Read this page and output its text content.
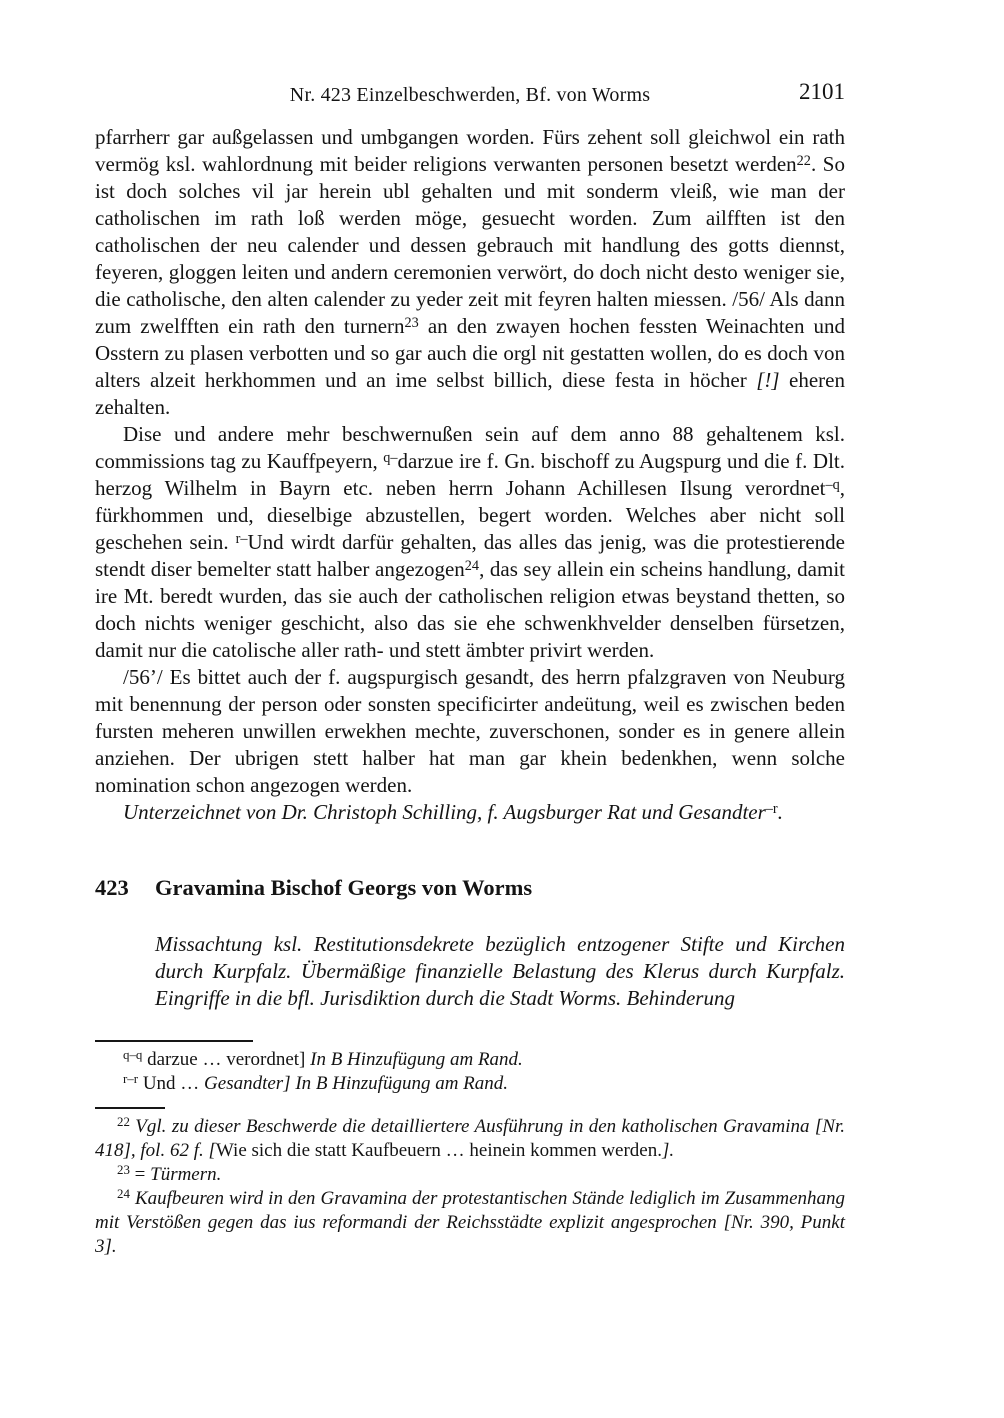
Nr. 423 Einzelbeschwerden, Bf. von Worms	2101

pfarrherr gar außgelassen und umbgangen worden. Fürs zehent soll gleichwol ein rath vermög ksl. wahlordnung mit beider religions verwanten personen besetzt werden$^{22}$. So ist doch solches vil jar herein ubl gehalten und mit sonderm vleiß, wie man der catholischen im rath loß werden möge, gesuecht worden. Zum ailfften ist den catholischen der neu calender und dessen gebrauch mit handlung des gotts diennst, feyeren, gloggen leiten und andern ceremonien verwört, do doch nicht desto weniger sie, die catholische, den alten calender zu yeder zeit mit feyren halten miessen. /56/ Als dann zum zwelfften ein rath den turnern$^{23}$ an den zwayen hochen fessten Weinachten und Osstern zu plasen verbotten und so gar auch die orgl nit gestatten wollen, do es doch von alters alzeit herkhommen und an ime selbst billich, diese festa in höcher [!] eheren zehalten.

Dise und andere mehr beschwernußen sein auf dem anno 88 gehaltenem ksl. commissions tag zu Kauffpeyern, $^{q-}$darzue ire f. Gn. bischoff zu Augspurg und die f. Dlt. herzog Wilhelm in Bayrn etc. neben herrn Johann Achillesen Ilsung verordnet$^{-q}$, fürkhommen und, dieselbige abzustellen, begert worden. Welches aber nicht soll geschehen sein. $^{r-}$Und wirdt darfür gehalten, das alles das jenig, was die protestierende stendt diser bemelter statt halber angezogen$^{24}$, das sey allein ein scheins handlung, damit ire Mt. beredt wurden, das sie auch der catholischen religion etwas beystand thetten, so doch nichts weniger geschicht, also das sie ehe schwenkhvelder denselben fürsetzen, damit nur die catolische aller rath- und stett ämbter privirt werden.

/56’/ Es bittet auch der f. augspurgisch gesandt, des herrn pfalzgraven von Neuburg mit benennung der person oder sonsten specificirter andeütung, weil es zwischen beden fursten meheren unwillen erwekhen mechte, zuverschonen, sonder es in genere allein anziehen. Der ubrigen stett halber hat man gar khein bedenkhen, wenn solche nomination schon angezogen werden.

Unterzeichnet von Dr. Christoph Schilling, f. Augsburger Rat und Gesandter$^{-r}$.

423	Gravamina Bischof Georgs von Worms

Missachtung ksl. Restitutionsdekrete bezüglich entzogener Stifte und Kirchen durch Kurpfalz. Übermäßige finanzielle Belastung des Klerus durch Kurpfalz. Eingriffe in die bfl. Jurisdiktion durch die Stadt Worms. Behinderung

$^{q-q}$ darzue … verordnet] In B Hinzufügung am Rand.

$^{r-r}$ Und … Gesandter] In B Hinzufügung am Rand.

$^{22}$ Vgl. zu dieser Beschwerde die detailliertere Ausführung in den katholischen Gravamina [Nr. 418], fol. 62 f. [Wie sich die statt Kaufbeuern … heinein kommen werden.].

$^{23}$ = Türmern.

$^{24}$ Kaufbeuren wird in den Gravamina der protestantischen Stände lediglich im Zusammenhang mit Verstößen gegen das ius reformandi der Reichsstädte explizit angesprochen [Nr. 390, Punkt 3].
